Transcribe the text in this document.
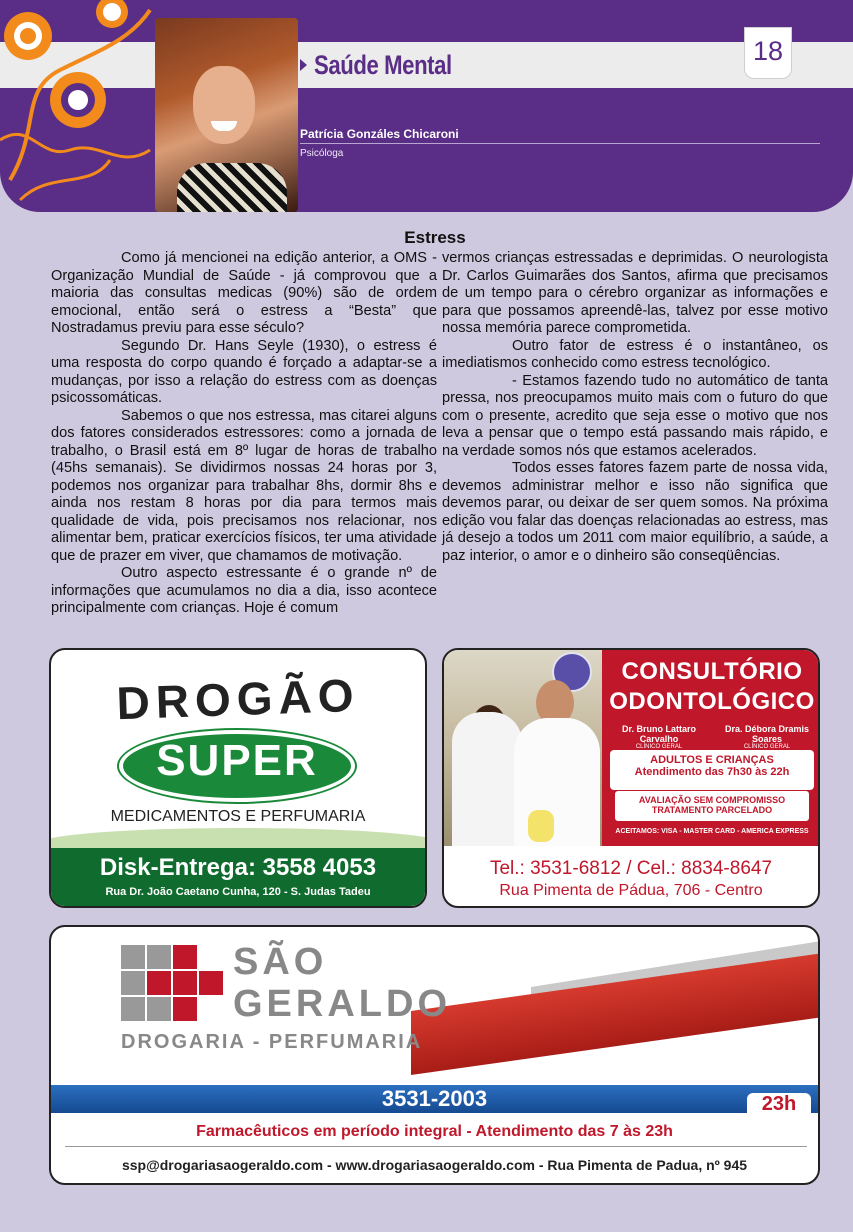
Saúde Mental	18
Patrícia Gonzáles Chicaroni
Psicóloga
Estress

Como já mencionei na edição anterior, a OMS - Organização Mundial de Saúde - já comprovou que a maioria das consultas medicas (90%) são de ordem emocional, então será o estress a “Besta” que Nostradamus previu para esse século?

Segundo Dr. Hans Seyle (1930), o estress é uma resposta do corpo quando é forçado a adaptar-se a mudanças, por isso a relação do estress com as doenças psicossomáticas.

Sabemos o que nos estressa, mas citarei alguns dos fatores considerados estressores: como a jornada de trabalho, o Brasil está em 8º lugar de horas de trabalho (45hs semanais). Se dividirmos nossas 24 horas por 3, podemos nos organizar para trabalhar 8hs, dormir 8hs e ainda nos restam 8 horas por dia para termos mais qualidade de vida, pois precisamos nos relacionar, nos alimentar bem, praticar exercícios físicos, ter uma atividade que de prazer em viver, que chamamos de motivação.

Outro aspecto estressante é o grande nº de informações que acumulamos no dia a dia, isso acontece principalmente com crianças. Hoje é comum

vermos crianças estressadas e deprimidas. O neurologista Dr. Carlos Guimarães dos Santos, afirma que precisamos de um tempo para o cérebro organizar as informações e para que possamos apreendê-las, talvez por esse motivo nossa memória parece comprometida.

Outro fator de estress é o instantâneo, os imediatismos conhecido como estress tecnológico.

- Estamos fazendo tudo no automático de tanta pressa, nos preocupamos muito mais com o futuro do que com o presente, acredito que seja esse o motivo que nos leva a pensar que o tempo está passando mais rápido, e na verdade somos nós que estamos acelerados.

Todos esses fatores fazem parte de nossa vida, devemos administrar melhor e isso não significa que devemos parar, ou deixar de ser quem somos. Na próxima edição vou falar das doenças relacionadas ao estress, mas já desejo a todos um 2011 com maior equilíbrio, a saúde, a paz interior, o amor e o dinheiro são conseqüências.

DROGÃO
SUPER
MEDICAMENTOS E PERFUMARIA
Disk-Entrega: 3558 4053
Rua Dr. João Caetano Cunha, 120 - S. Judas Tadeu
CONSULTÓRIO
ODONTOLÓGICO
Dr. Bruno Lattaro Carvalho
CLÍNICO GERAL
Dra. Débora Dramis Soares
CLÍNICO GERAL
ADULTOS E CRIANÇAS
Atendimento das 7h30 às 22h
AVALIAÇÃO SEM COMPROMISSO
TRATAMENTO PARCELADO
ACEITAMOS: VISA - MASTER CARD - AMERICA EXPRESS
Tel.: 3531-6812 / Cel.: 8834-8647
Rua Pimenta de Pádua, 706 - Centro
SÃO
GERALDO
DROGARIA - PERFUMARIA
3531-2003	23h
Farmacêuticos em período integral - Atendimento das 7 às 23h
ssp@drogariasaogeraldo.com - www.drogariasaogeraldo.com - Rua Pimenta de Padua, nº 945
